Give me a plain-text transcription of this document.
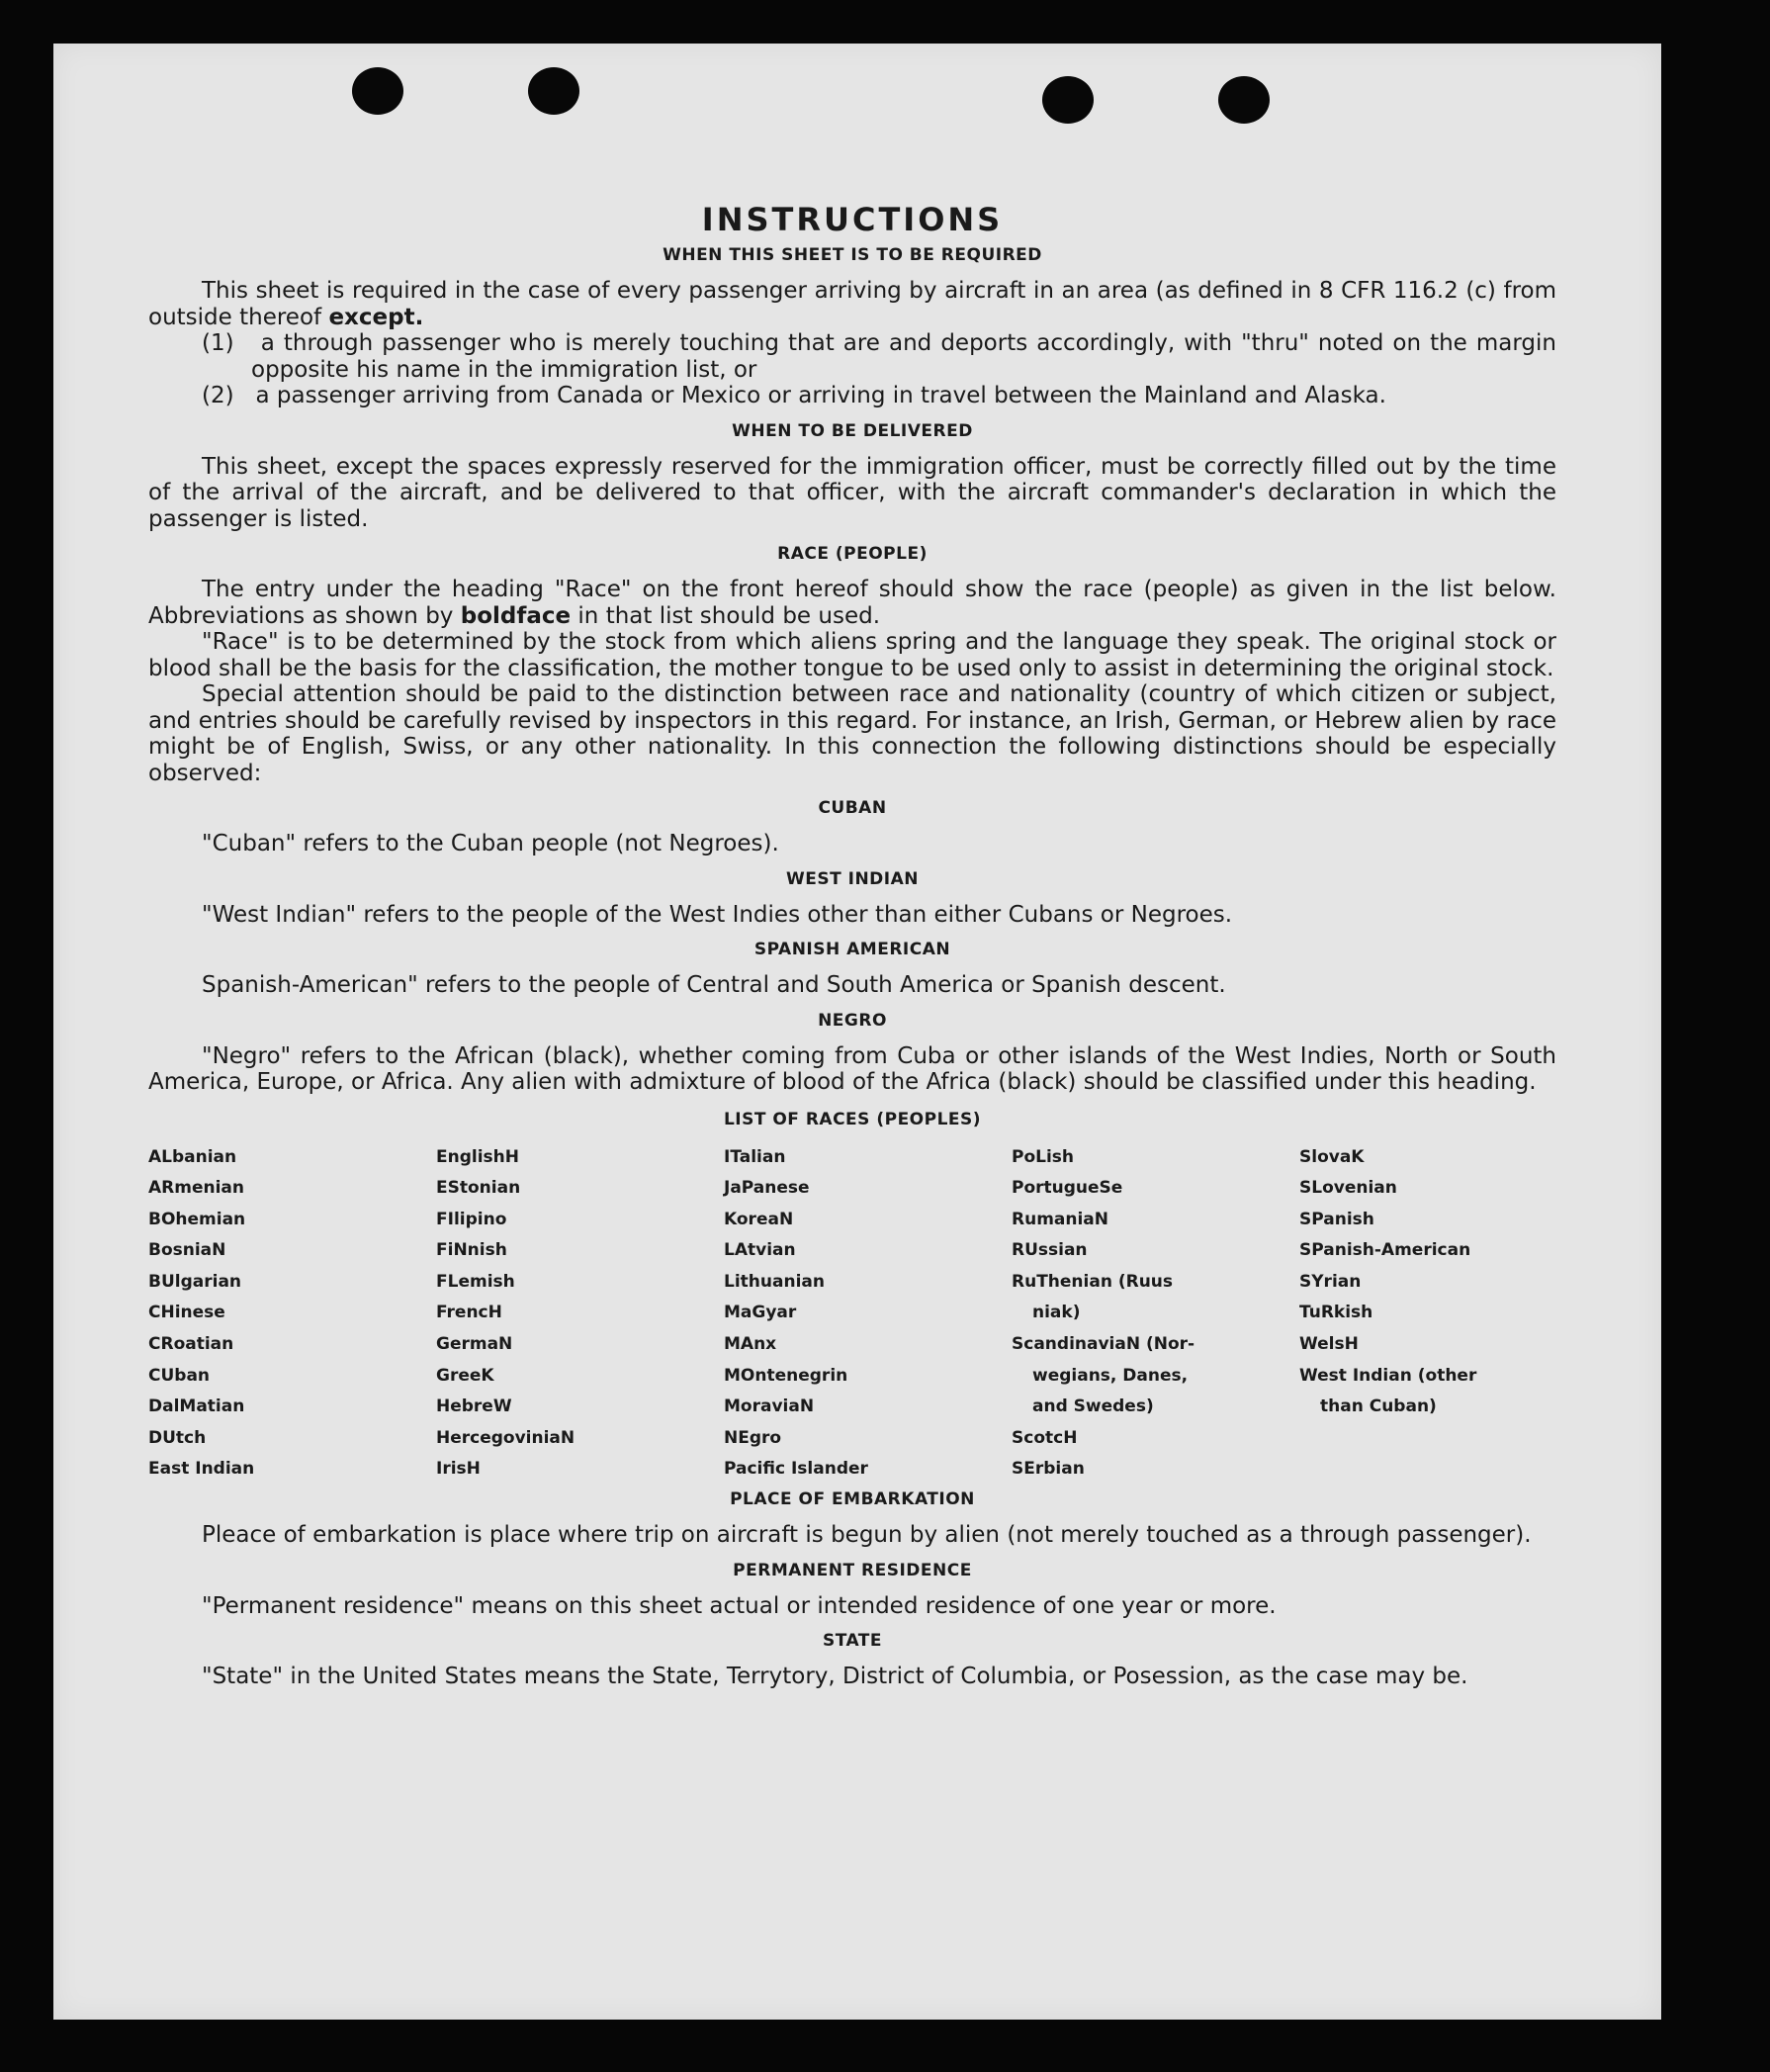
INSTRUCTIONS
WHEN THIS SHEET IS TO BE REQUIRED

This sheet is required in the case of every passenger arriving by aircraft in an area (as defined in 8 CFR 116.2 (c) from outside thereof except.

(1) a through passenger who is merely touching that are and deports accordingly, with "thru" noted on the margin opposite his name in the immigration list, or

(2) a passenger arriving from Canada or Mexico or arriving in travel between the Mainland and Alaska.

WHEN TO BE DELIVERED

This sheet, except the spaces expressly reserved for the immigration officer, must be correctly filled out by the time of the arrival of the aircraft, and be delivered to that officer, with the aircraft commander's declaration in which the passenger is listed.

RACE (PEOPLE)

The entry under the heading "Race" on the front hereof should show the race (people) as given in the list below. Abbreviations as shown by boldface in that list should be used.

"Race" is to be determined by the stock from which aliens spring and the language they speak. The original stock or blood shall be the basis for the classification, the mother tongue to be used only to assist in determining the original stock.

Special attention should be paid to the distinction between race and nationality (country of which citizen or subject, and entries should be carefully revised by inspectors in this regard. For instance, an Irish, German, or Hebrew alien by race might be of English, Swiss, or any other nationality. In this connection the following distinctions should be especially observed:

CUBAN

"Cuban" refers to the Cuban people (not Negroes).

WEST INDIAN

"West Indian" refers to the people of the West Indies other than either Cubans or Negroes.

SPANISH AMERICAN

Spanish-American" refers to the people of Central and South America or Spanish descent.

NEGRO

"Negro" refers to the African (black), whether coming from Cuba or other islands of the West Indies, North or South America, Europe, or Africa. Any alien with admixture of blood of the Africa (black) should be classified under this heading.

LIST OF RACES (PEOPLES)
ALbanian
ARmenian
BOhemian
BosniaN
BUlgarian
CHinese
CRoatian
CUban
DalMatian
DUtch
East Indian
EnglishH
EStonian
FIlipino
FiNnish
FLemish
FrencH
GermaN
GreeK
HebreW
HercegoviniaN
IrisH
ITalian
JaPanese
KoreaN
LAtvian
Lithuanian
MaGyar
MAnx
MOntenegrin
MoraviaN
NEgro
Pacific Islander
PoLish
PortugueSe
RumaniaN
RUssian
RuThenian (Ruus
niak)
ScandinaviaN (Nor-
wegians, Danes,
and Swedes)
ScotcH
SErbian
SlovaK
SLovenian
SPanish
SPanish-American
SYrian
TuRkish
WelsH
West Indian (other
than Cuban)
PLACE OF EMBARKATION

Pleace of embarkation is place where trip on aircraft is begun by alien (not merely touched as a through passenger).

PERMANENT RESIDENCE

"Permanent residence" means on this sheet actual or intended residence of one year or more.

STATE

"State" in the United States means the State, Terrytory, District of Columbia, or Posession, as the case may be.
